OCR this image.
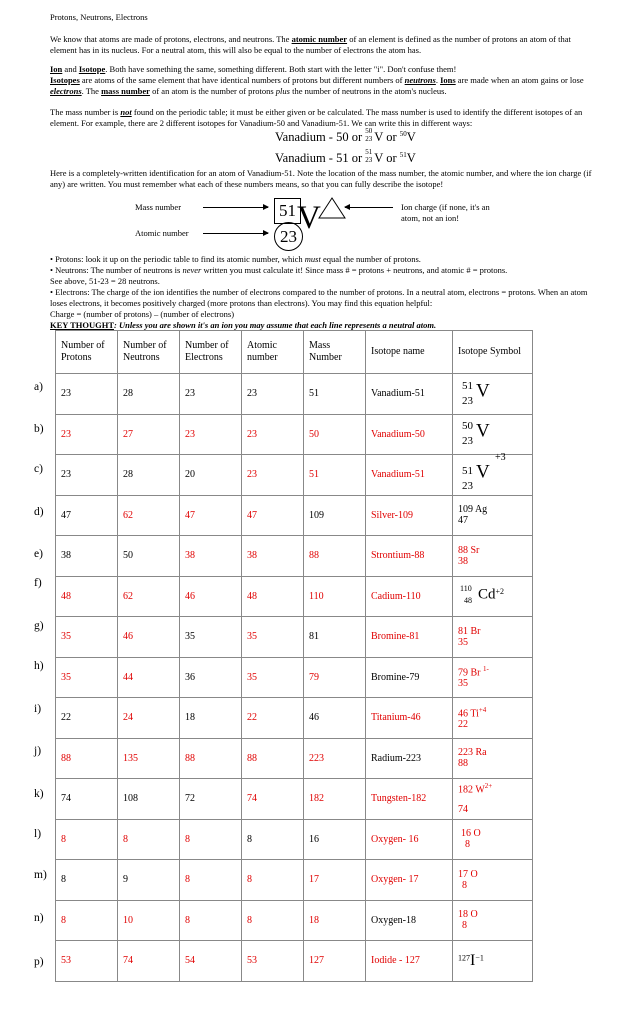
Protons, Neutrons, Electrons
We know that atoms are made of protons, electrons, and neutrons. The atomic number of an element is defined as the number of protons an atom of that
element has in its nucleus. For a neutral atom, this will also be equal to the number of electrons the atom has.
Ion and Isotope. Both have something the same, something different. Both start with the letter "i". Don't confuse them!
Isotopes are atoms of the same element that have identical numbers of protons but different numbers of neutrons. Ions are made when an atom gains or lose
electrons. The mass number of an atom is the number of protons plus the number of neutrons in the atom's nucleus.
The mass number is not found on the periodic table; it must be either given or be calculated. The mass number is used to identify the different isotopes of an
element. For example, there are 2 different isotopes for Vanadium-50 and Vanadium-51. We can write this in different ways:
Vanadium - 50 or 50
23 V or $^{50}$V
Vanadium - 51 or 51
23 V or $^{51}$V
Here is a completely-written identification for an atom of Vanadium-51. Note the location of the mass number, the atomic number, and where the ion charge (if
any) are written. You must remember what each of these numbers means, so that you can fully describe the isotope!
Mass number
Atomic number
Ion charge (if none, it's an
atom, not an ion!
51
23
V
• Protons: look it up on the periodic table to find its atomic number, which must equal the number of protons.
• Neutrons: The number of neutrons is never written you must calculate it! Since mass # = protons + neutrons, and atomic # = protons.
See above, 51-23 = 28 neutrons.
• Electrons: The charge of the ion identifies the number of electrons compared to the number of protons. In a neutral atom, electrons = protons. When an atom
loses electrons, it becomes positively charged (more protons than electrons). You may find this equation helpful:
Charge = (number of protons) – (number of electrons)
KEY THOUGHT: Unless you are shown it's an ion you may assume that each line represents a neutral atom.
a)
b)
c)
d)
e)
f)
g)
h)
i)
j)
k)
l)
m)
n)
p)
Number of Protons	Number of Neutrons	Number of Electrons	Atomic number	Mass Number	Isotope name	Isotope Symbol
23	28	23	23	51	Vanadium-51	51
23 V
23	27	23	23	50	Vanadium-50	50
23 V
23	28	20	23	51	Vanadium-51	+3
51
23
V
47	62	47	47	109	Silver-109	109 Ag
47

38	50	38	38	88	Strontium-88	88 Sr
38

48	62	46	48	110	Cadium-110	110
48 $Cd^{+2}$
35	46	35	35	81	Bromine-81	81 Br
35

35	44	36	35	79	Bromine-79	79 Br $^{1-}$
35

22	24	18	22	46	Titanium-46	46 $Ti^{+4}$
22

88	135	88	88	223	Radium-223	223 Ra
88

74	108	72	74	182	Tungsten-182	182 $W^{2+}$
74

8	8	8	8	16	Oxygen- 16	16 O
8

8	9	8	8	17	Oxygen- 17	17 O
8

8	10	8	8	18	Oxygen-18	18 O
8

53	74	54	53	127	Iodide - 127	$^{127}I^{-1}$
